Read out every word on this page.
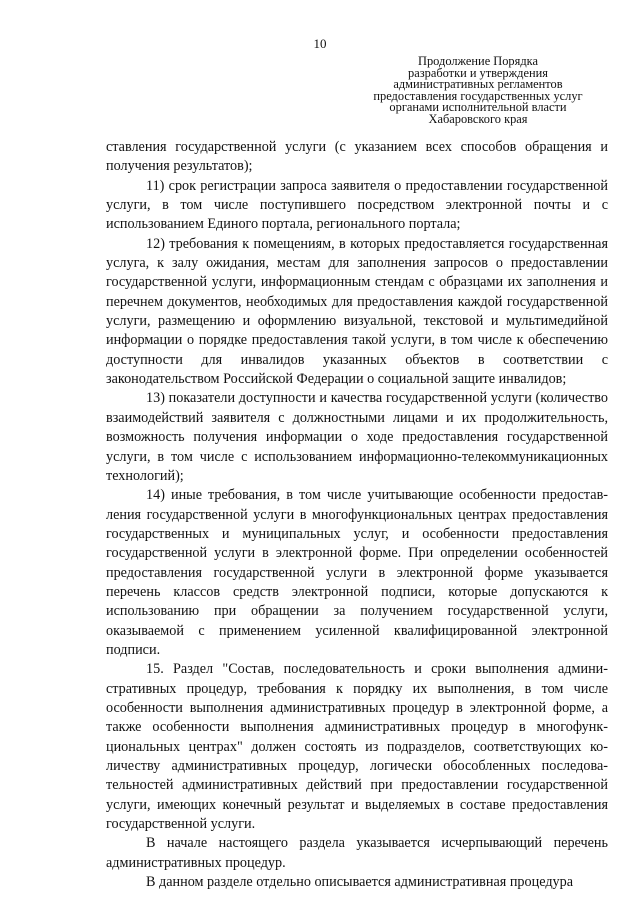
10
Продолжение Порядка
разработки и утверждения
административных регламентов
предоставления государственных услуг
органами исполнительной власти
Хабаровского края

ставления государственной услуги (с указанием всех способов обращения и получения результатов);

11) срок регистрации запроса заявителя о предоставлении государственной услуги, в том числе поступившего посредством электронной почты и с использованием Единого портала, регионального портала;

12) требования к помещениям, в которых предоставляется государственная услуга, к залу ожидания, местам для заполнения запросов о предоставлении государственной услуги, информационным стендам с образцами их заполнения и перечнем документов, необходимых для предоставления каждой государственной услуги, размещению и оформлению визуальной, текстовой и мультимедийной информации о порядке предоставления такой услуги, в том числе к обеспечению доступности для инвалидов указанных объектов в соответствии с законодательством Российской Федерации о социальной защите инвалидов;

13) показатели доступности и качества государственной услуги (количество взаимодействий заявителя с должностными лицами и их продолжительность, возможность получения информации о ходе предоставления государственной услуги, в том числе с использованием информационно-телекоммуникационных технологий);

14) иные требования, в том числе учитывающие особенности предоставления государственной услуги в многофункциональных центрах предоставления государственных и муниципальных услуг, и особенности предоставления государственной услуги в электронной форме. При определении особенностей предоставления государственной услуги в электронной форме указывается перечень классов средств электронной подписи, которые допускаются к использованию при обращении за получением государственной услуги, оказываемой с применением усиленной квалифицированной электронной подписи.

15. Раздел "Состав, последовательность и сроки выполнения административных процедур, требования к порядку их выполнения, в том числе особенности выполнения административных процедур в электронной форме, а также особенности выполнения административных процедур в многофункциональных центрах" должен состоять из подразделов, соответствующих количеству административных процедур, логически обособленных последовательностей административных действий при предоставлении государственной услуги, имеющих конечный результат и выделяемых в составе предоставления государственной услуги.

В начале настоящего раздела указывается исчерпывающий перечень административных процедур.

В данном разделе отдельно описывается административная процедура
